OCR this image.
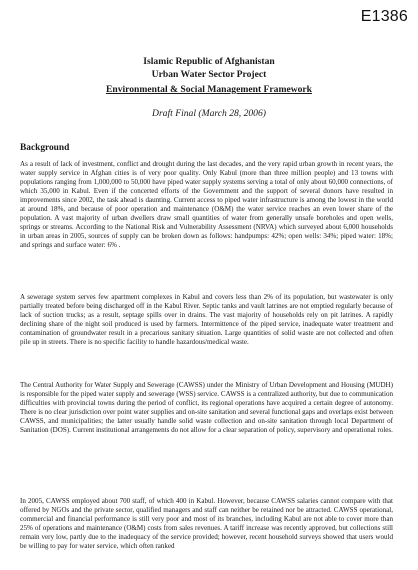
E1386
Islamic Republic of Afghanistan
Urban Water Sector Project
Environmental & Social Management Framework
Draft Final (March 28, 2006)
Background

As a result of lack of investment, conflict and drought during the last decades, and the very rapid urban growth in recent years, the water supply service in Afghan cities is of very poor quality. Only Kabul (more than three million people) and 13 towns with populations ranging from 1,000,000 to 50,000 have piped water supply systems serving a total of only about 60,000 connections, of which 35,000 in Kabul. Even if the concerted efforts of the Government and the support of several donors have resulted in improvements since 2002, the task ahead is daunting. Current access to piped water infrastructure is among the lowest in the world at around 18%, and because of poor operation and maintenance (O&M) the water service reaches an even lower share of the population. A vast majority of urban dwellers draw small quantities of water from generally unsafe boreholes and open wells, springs or streams. According to the National Risk and Vulnerability Assessment (NRVA) which surveyed about 6,000 households in urban areas in 2005, sources of supply can be broken down as follows: handpumps: 42%; open wells: 34%; piped water: 18%; and springs and surface water: 6% .

A sewerage system serves few apartment complexes in Kabul and covers less than 2% of its population, but wastewater is only partially treated before being discharged off in the Kabul River. Septic tanks and vault latrines are not emptied regularly because of lack of suction trucks; as a result, septage spills over in drains. The vast majority of households rely on pit latrines. A rapidly declining share of the night soil produced is used by farmers. Intermittence of the piped service, inadequate water treatment and contamination of groundwater result in a precarious sanitary situation. Large quantities of solid waste are not collected and often pile up in streets. There is no specific facility to handle hazardous/medical waste.

The Central Authority for Water Supply and Sewerage (CAWSS) under the Ministry of Urban Development and Housing (MUDH) is responsible for the piped water supply and sewerage (WSS) service. CAWSS is a centralized authority, but due to communication difficulties with provincial towns during the period of conflict, its regional operations have acquired a certain degree of autonomy. There is no clear jurisdiction over point water supplies and on-site sanitation and several functional gaps and overlaps exist between CAWSS, and municipalities; the latter usually handle solid waste collection and on-site sanitation through local Department of Sanitation (DOS). Current institutional arrangements do not allow for a clear separation of policy, supervisory and operational roles.

In 2005, CAWSS employed about 700 staff, of which 400 in Kabul. However, because CAWSS salaries cannot compare with that offered by NGOs and the private sector, qualified managers and staff can neither be retained nor be attracted. CAWSS operational, commercial and financial performance is still very poor and most of its branches, including Kabul are not able to cover more than 25% of operations and maintenance (O&M) costs from sales revenues. A tariff increase was recently approved, but collections still remain very low, partly due to the inadequacy of the service provided; however, recent household surveys showed that users would be willing to pay for water service, which often ranked
